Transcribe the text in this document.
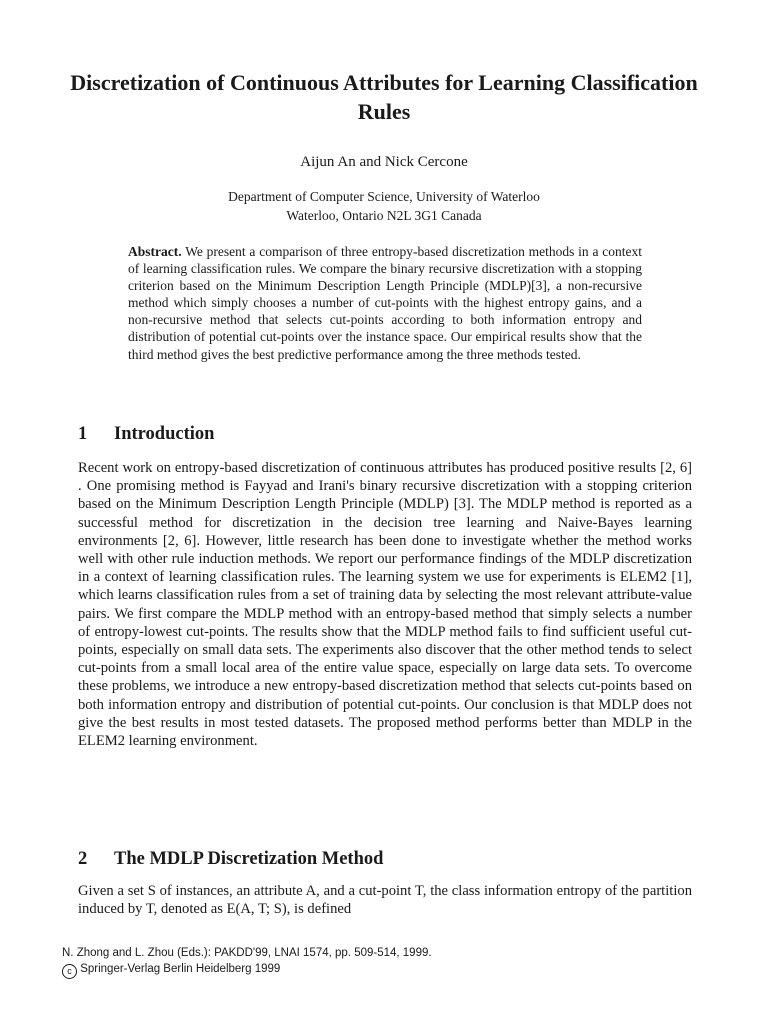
Discretization of Continuous Attributes for Learning Classification Rules
Aijun An and Nick Cercone
Department of Computer Science, University of Waterloo
Waterloo, Ontario N2L 3G1 Canada
Abstract. We present a comparison of three entropy-based discretization methods in a context of learning classification rules. We compare the binary recursive discretization with a stopping criterion based on the Minimum Description Length Principle (MDLP)[3], a non-recursive method which simply chooses a number of cut-points with the highest entropy gains, and a non-recursive method that selects cut-points according to both information entropy and distribution of potential cut-points over the instance space. Our empirical results show that the third method gives the best predictive performance among the three methods tested.
1 Introduction
Recent work on entropy-based discretization of continuous attributes has produced positive results [2, 6] . One promising method is Fayyad and Irani's binary recursive discretization with a stopping criterion based on the Minimum Description Length Principle (MDLP) [3]. The MDLP method is reported as a successful method for discretization in the decision tree learning and Naive-Bayes learning environments [2, 6]. However, little research has been done to investigate whether the method works well with other rule induction methods. We report our performance findings of the MDLP discretization in a context of learning classification rules. The learning system we use for experiments is ELEM2 [1], which learns classification rules from a set of training data by selecting the most relevant attribute-value pairs. We first compare the MDLP method with an entropy-based method that simply selects a number of entropy-lowest cut-points. The results show that the MDLP method fails to find sufficient useful cut-points, especially on small data sets. The experiments also discover that the other method tends to select cut-points from a small local area of the entire value space, especially on large data sets. To overcome these problems, we introduce a new entropy-based discretization method that selects cut-points based on both information entropy and distribution of potential cut-points. Our conclusion is that MDLP does not give the best results in most tested datasets. The proposed method performs better than MDLP in the ELEM2 learning environment.
2 The MDLP Discretization Method
Given a set S of instances, an attribute A, and a cut-point T, the class information entropy of the partition induced by T, denoted as E(A, T; S), is defined
N. Zhong and L. Zhou (Eds.): PAKDD'99, LNAI 1574, pp. 509-514, 1999.
c Springer-Verlag Berlin Heidelberg 1999
